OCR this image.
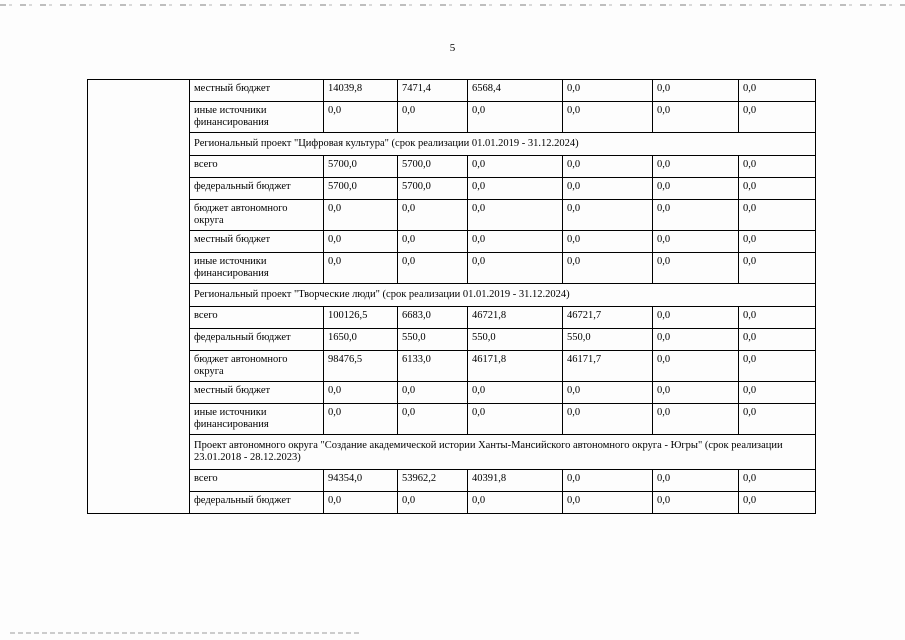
5
	местный бюджет	14039,8	7471,4	6568,4	0,0	0,0	0,0
	иные источники финансирования	0,0	0,0	0,0	0,0	0,0	0,0
	Региональный проект "Цифровая культура" (срок реализации 01.01.2019 - 31.12.2024)						
	всего	5700,0	5700,0	0,0	0,0	0,0	0,0
	федеральный бюджет	5700,0	5700,0	0,0	0,0	0,0	0,0
	бюджет автономного округа	0,0	0,0	0,0	0,0	0,0	0,0
	местный бюджет	0,0	0,0	0,0	0,0	0,0	0,0
	иные источники финансирования	0,0	0,0	0,0	0,0	0,0	0,0
	Региональный проект "Творческие люди" (срок реализации 01.01.2019 - 31.12.2024)						
	всего	100126,5	6683,0	46721,8	46721,7	0,0	0,0
	федеральный бюджет	1650,0	550,0	550,0	550,0	0,0	0,0
	бюджет автономного округа	98476,5	6133,0	46171,8	46171,7	0,0	0,0
	местный бюджет	0,0	0,0	0,0	0,0	0,0	0,0
	иные источники финансирования	0,0	0,0	0,0	0,0	0,0	0,0
	Проект автономного округа "Создание академической истории Ханты-Мансийского автономного округа - Югры" (срок реализации 23.01.2018 - 28.12.2023)						
	всего	94354,0	53962,2	40391,8	0,0	0,0	0,0
	федеральный бюджет	0,0	0,0	0,0	0,0	0,0	0,0
